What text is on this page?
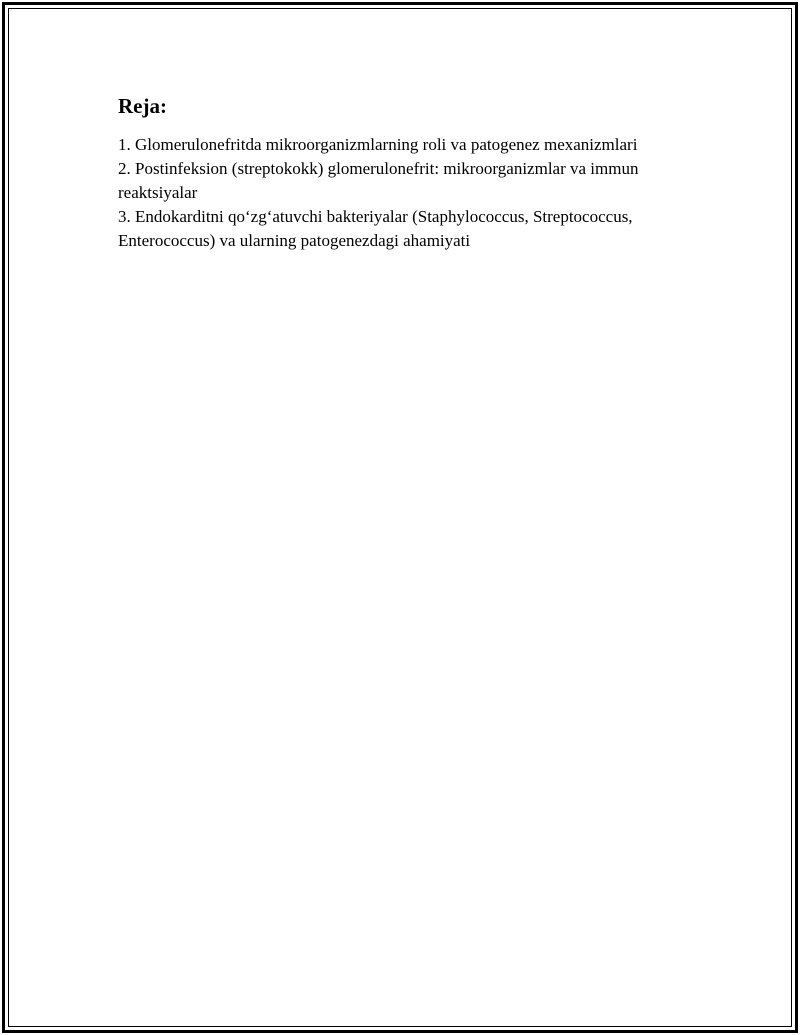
Reja:
1. Glomerulonefritda mikroorganizmlarning roli va patogenez mexanizmlari
2. Postinfeksion (streptokokk) glomerulonefrit: mikroorganizmlar va immun reaktsiyalar
3. Endokarditni qo‘zg‘atuvchi bakteriyalar (Staphylococcus, Streptococcus, Enterococcus) va ularning patogenezdagi ahamiyati
